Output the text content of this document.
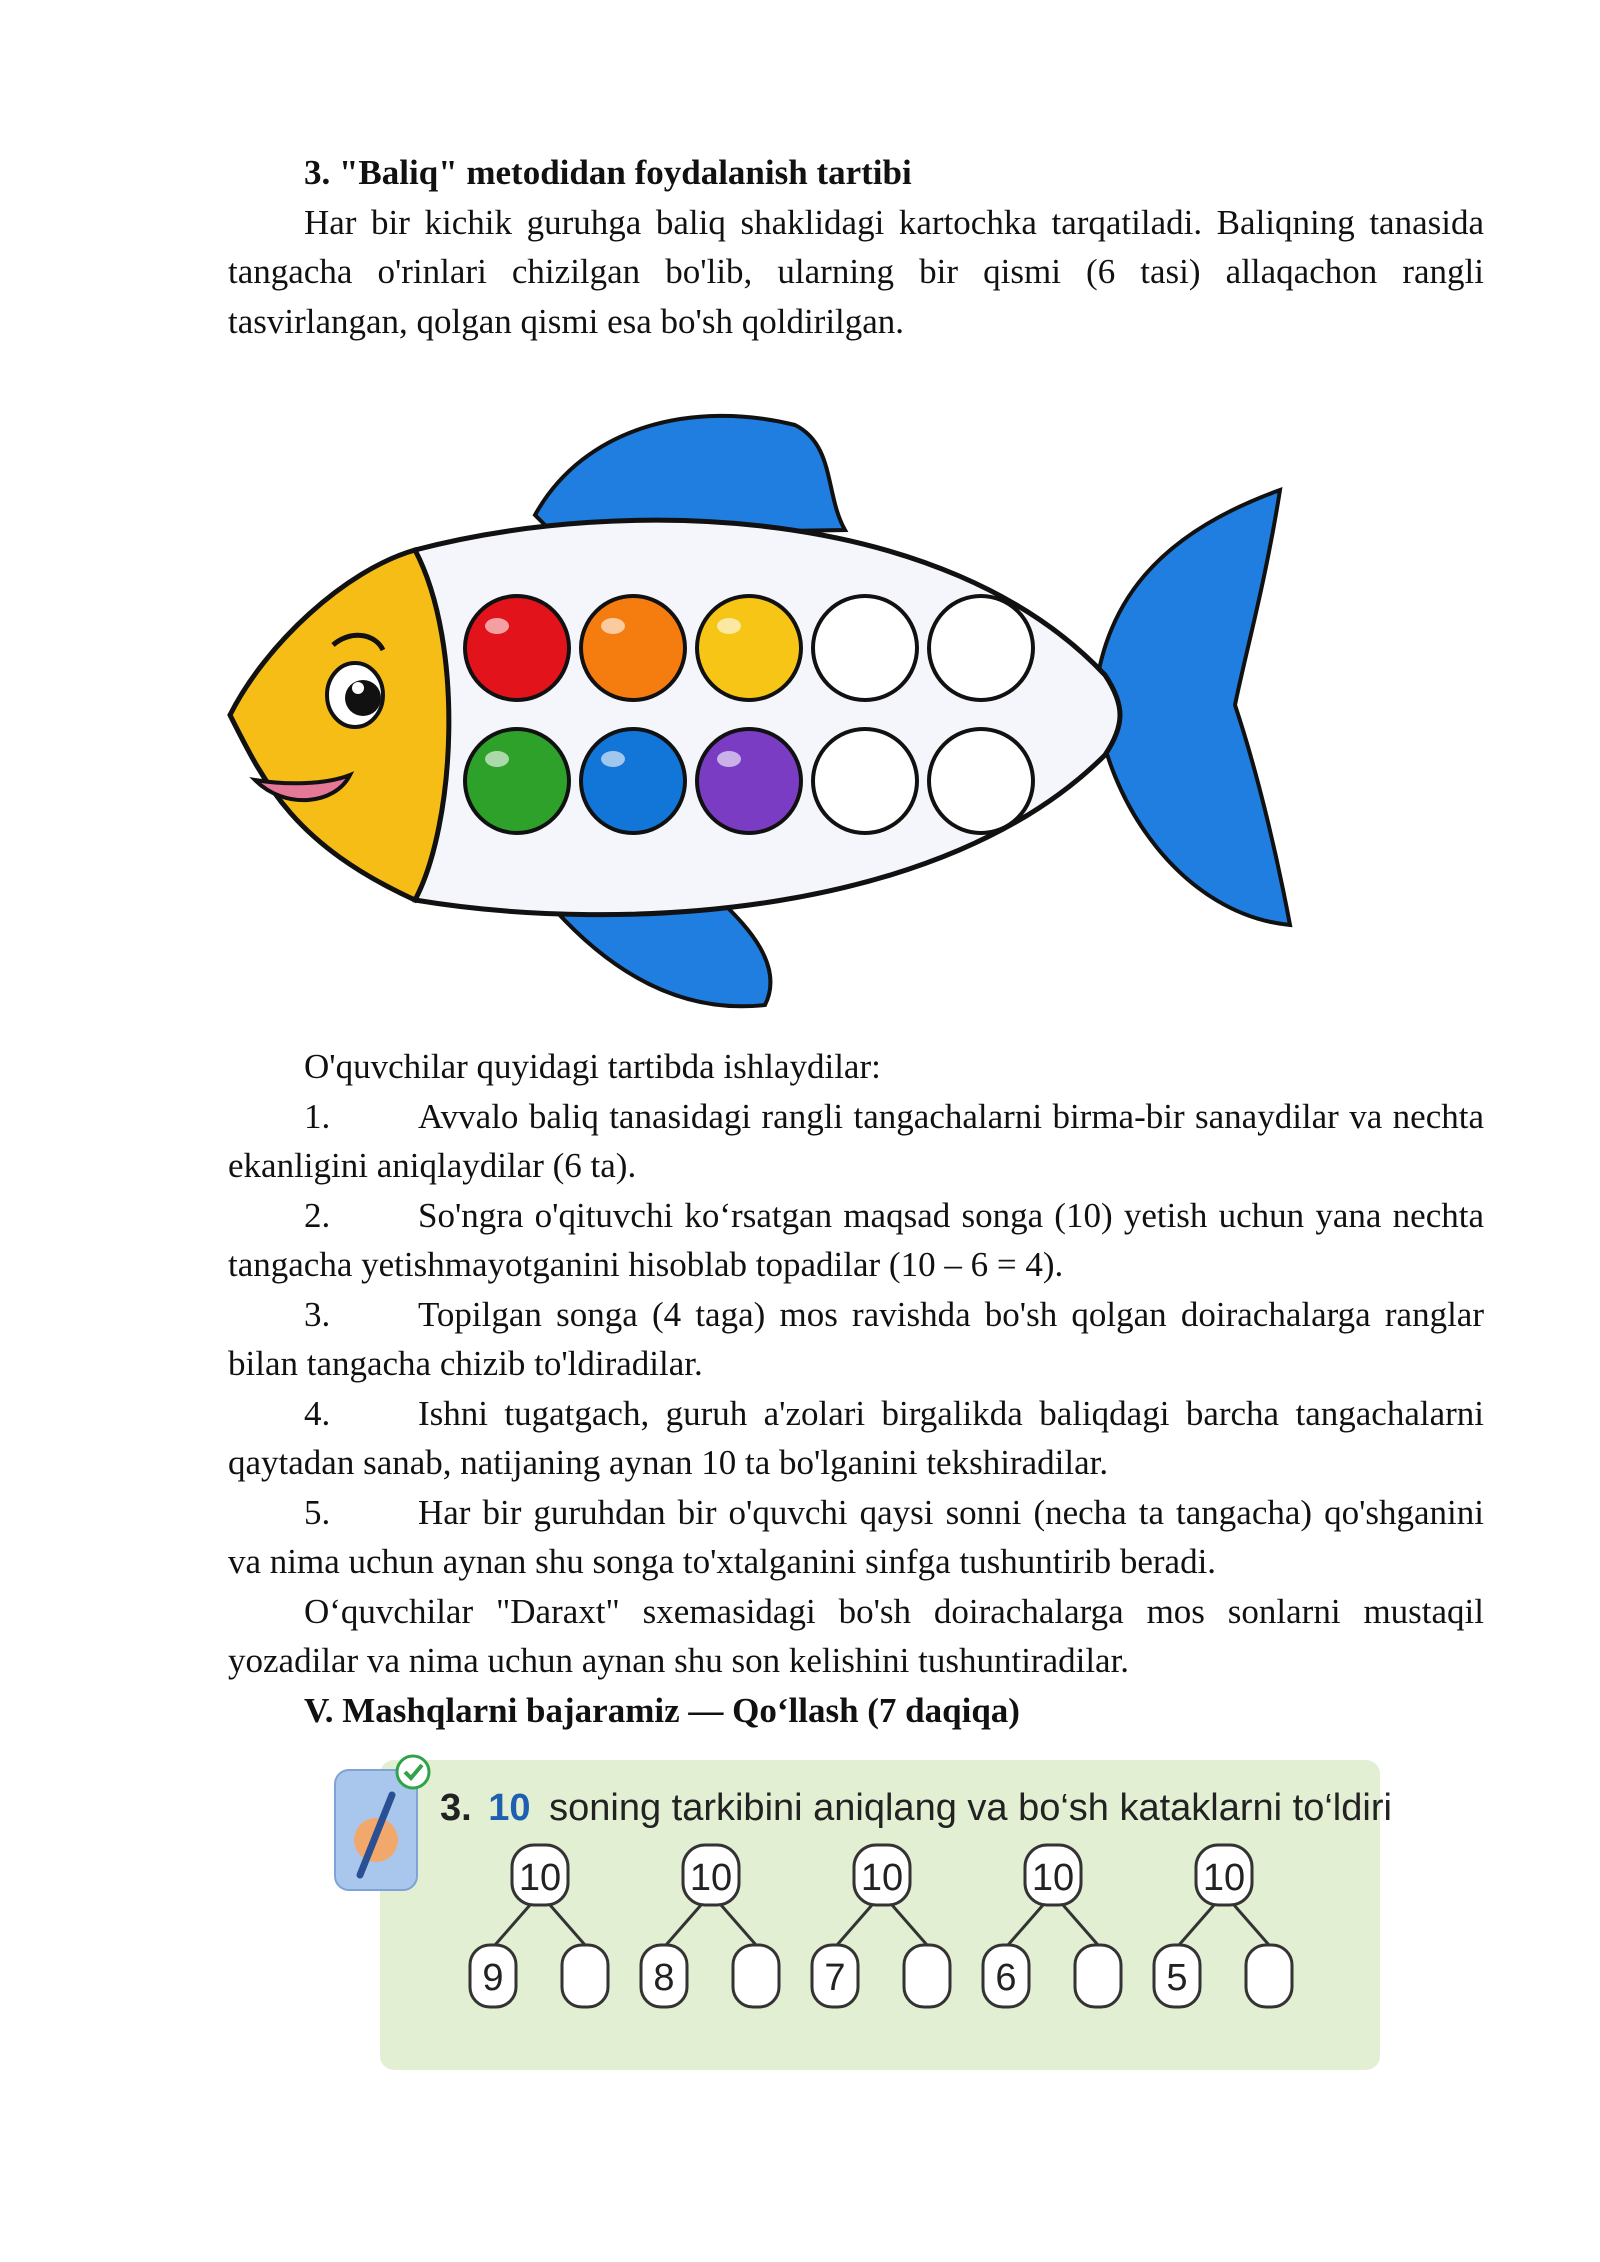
3. "Baliq" metodidan foydalanish tartibi

Har bir kichik guruhga baliq shaklidagi kartochka tarqatiladi. Baliqning tanasida tangacha o'rinlari chizilgan bo'lib, ularning bir qismi (6 tasi) allaqachon rangli tasvirlangan, qolgan qismi esa bo'sh qoldirilgan.

O'quvchilar quyidagi tartibda ishlaydilar:

1.	Avvalo baliq tanasidagi rangli tangachalarni birma-bir sanaydilar va nechta ekanligini aniqlaydilar (6 ta).

2.	So'ngra o'qituvchi ko‘rsatgan maqsad songa (10) yetish uchun yana nechta tangacha yetishmayotganini hisoblab topadilar (10 – 6 = 4).

3.	Topilgan songa (4 taga) mos ravishda bo'sh qolgan doirachalarga ranglar bilan tangacha chizib to'ldiradilar.

4.	Ishni tugatgach, guruh a'zolari birgalikda baliqdagi barcha tangachalarni qaytadan sanab, natijaning aynan 10 ta bo'lganini tekshiradilar.

5.	Har bir guruhdan bir o'quvchi qaysi sonni (necha ta tangacha) qo'shganini va nima uchun aynan shu songa to'xtalganini sinfga tushuntirib beradi.

O‘quvchilar "Daraxt" sxemasidagi bo'sh doirachalarga mos sonlarni mustaqil yozadilar va nima uchun aynan shu son kelishini tushuntiradilar.

V. Mashqlarni bajaramiz — Qo‘llash (7 daqiqa)

3. 10 soning tarkibini aniqlang va bo‘sh kataklarni to‘ldiring.
10
9
10
8
10
7
10
6
10
5
